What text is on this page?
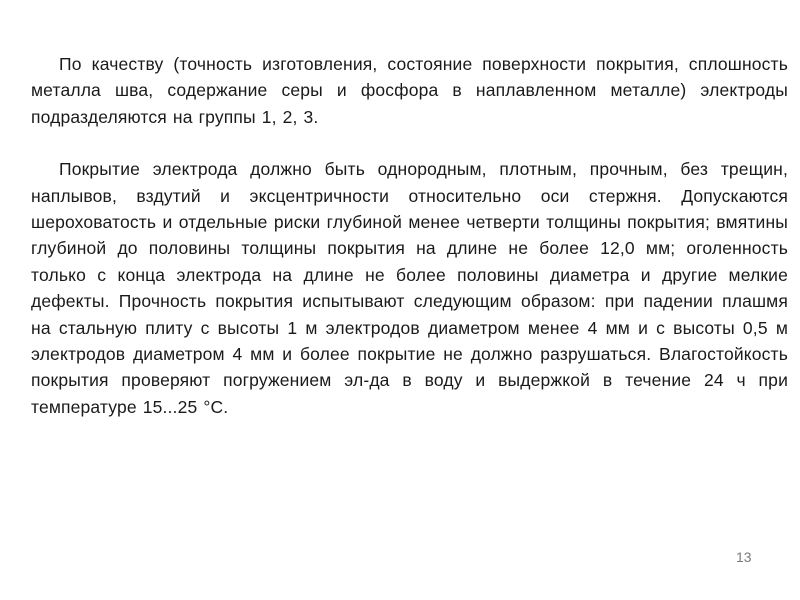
По качеству (точность изготовления, состояние поверхности покрытия, сплошность металла шва, содержание серы и фосфора в наплавленном металле) электроды подразделяются на группы 1, 2, 3.

Покрытие электрода должно быть однородным, плотным, прочным, без трещин, наплывов, вздутий и эксцентричности относительно оси стержня. Допускаются шероховатость и отдельные риски глубиной менее четверти толщины покрытия; вмятины глубиной до половины толщины покрытия на длине не более 12,0 мм; оголенность только с конца электрода на длине не более половины диаметра и другие мелкие дефекты. Прочность покрытия испытывают следующим образом: при падении плашмя на стальную плиту с высоты 1 м электродов диаметром менее 4 мм и с высоты 0,5 м электродов диаметром 4 мм и более покрытие не должно разрушаться. Влагостойкость покрытия проверяют погружением эл-да в воду и выдержкой в течение 24 ч при температуре 15...25 °С.

13
